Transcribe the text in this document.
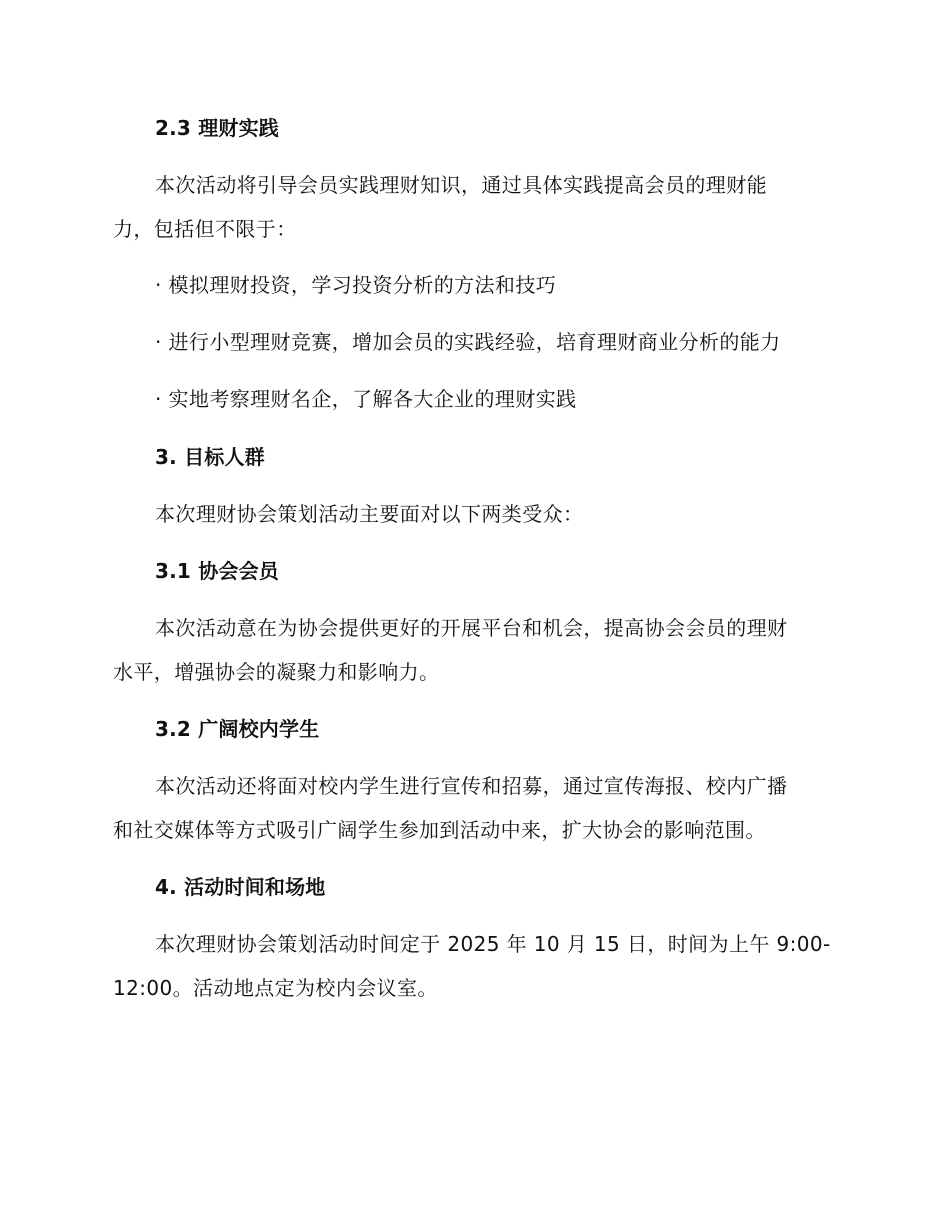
2.3 理财实践

本次活动将引导会员实践理财知识，通过具体实践提高会员的理财能
力，包括但不限于：

· 模拟理财投资，学习投资分析的方法和技巧
· 进行小型理财竞赛，增加会员的实践经验，培育理财商业分析的能力
· 实地考察理财名企，了解各大企业的理财实践
3. 目标人群

本次理财协会策划活动主要面对以下两类受众：

3.1 协会会员

本次活动意在为协会提供更好的开展平台和机会，提高协会会员的理财
水平，增强协会的凝聚力和影响力。

3.2 广阔校内学生

本次活动还将面对校内学生进行宣传和招募，通过宣传海报、校内广播
和社交媒体等方式吸引广阔学生参加到活动中来，扩大协会的影响范围。

4. 活动时间和场地

本次理财协会策划活动时间定于 2025 年 10 月 15 日，时间为上午 9:00-
12:00。活动地点定为校内会议室。
